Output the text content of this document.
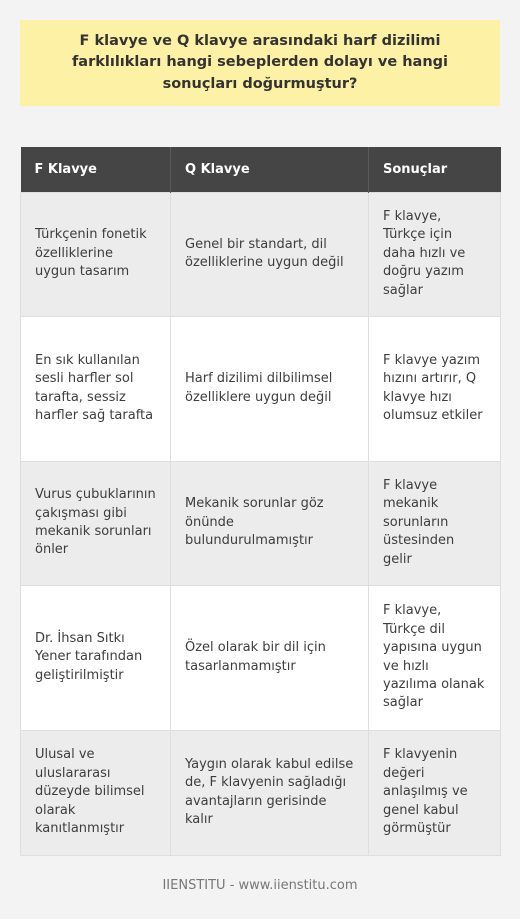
F klavye ve Q klavye arasındaki harf dizilimi farklılıkları hangi sebeplerden dolayı ve hangi sonuçları doğurmuştur?
F Klavye	Q Klavye	Sonuçlar
Türkçenin fonetik özelliklerine uygun tasarım	Genel bir standart, dil özelliklerine uygun değil	F klavye, Türkçe için daha hızlı ve doğru yazım sağlar
En sık kullanılan sesli harfler sol tarafta, sessiz harfler sağ tarafta	Harf dizilimi dilbilimsel özelliklere uygun değil	F klavye yazım hızını artırır, Q klavye hızı olumsuz etkiler
Vurus çubuklarının çakışması gibi mekanik sorunları önler	Mekanik sorunlar göz önünde bulundurulmamıştır	F klavye mekanik sorunların üstesinden gelir
Dr. İhsan Sıtkı Yener tarafından geliştirilmiştir	Özel olarak bir dil için tasarlanmamıştır	F klavye, Türkçe dil yapısına uygun ve hızlı yazılıma olanak sağlar
Ulusal ve uluslararası düzeyde bilimsel olarak kanıtlanmıştır	Yaygın olarak kabul edilse de, F klavyenin sağladığı avantajların gerisinde kalır	F klavyenin değeri anlaşılmış ve genel kabul görmüştür
IIENSTITU - www.iienstitu.com
